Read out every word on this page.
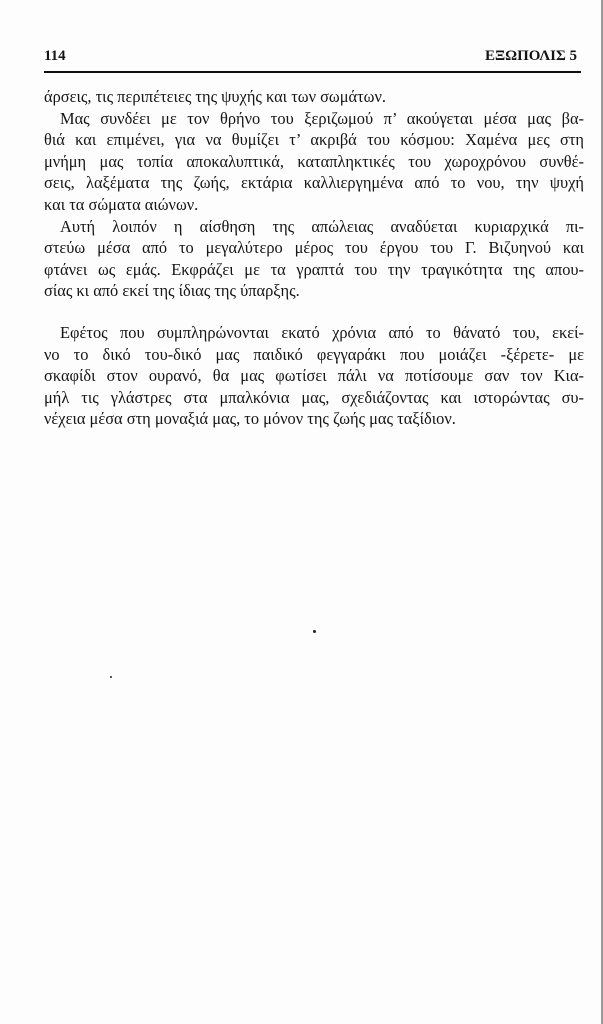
114	ΕΞΩΠΟΛΙΣ 5
άρσεις, τις περιπέτειες της ψυχής και των σωμάτων.
Μας συνδέει με τον θρήνο του ξεριζωμού π’ ακούγεται μέσα μας βα-
θιά και επιμένει, για να θυμίζει τ’ ακριβά του κόσμου: Χαμένα μες στη
μνήμη μας τοπία αποκαλυπτικά, καταπληκτικές του χωροχρόνου συνθέ-
σεις, λαξέματα της ζωής, εκτάρια καλλιεργημένα από το νου, την ψυχή
και τα σώματα αιώνων.
Αυτή λοιπόν η αίσθηση της απώλειας αναδύεται κυριαρχικά πι-
στεύω μέσα από το μεγαλύτερο μέρος του έργου του Γ. Βιζυηνού και
φτάνει ως εμάς. Εκφράζει με τα γραπτά του την τραγικότητα της απου-
σίας κι από εκεί της ίδιας της ύπαρξης.
Εφέτος που συμπληρώνονται εκατό χρόνια από το θάνατό του, εκεί-
νο το δικό του-δικό μας παιδικό φεγγαράκι που μοιάζει -ξέρετε- με
σκαφίδι στον ουρανό, θα μας φωτίσει πάλι να ποτίσουμε σαν τον Κια-
μήλ τις γλάστρες στα μπαλκόνια μας, σχεδιάζοντας και ιστορώντας συ-
νέχεια μέσα στη μοναξιά μας, το μόνον της ζωής μας ταξίδιον.
